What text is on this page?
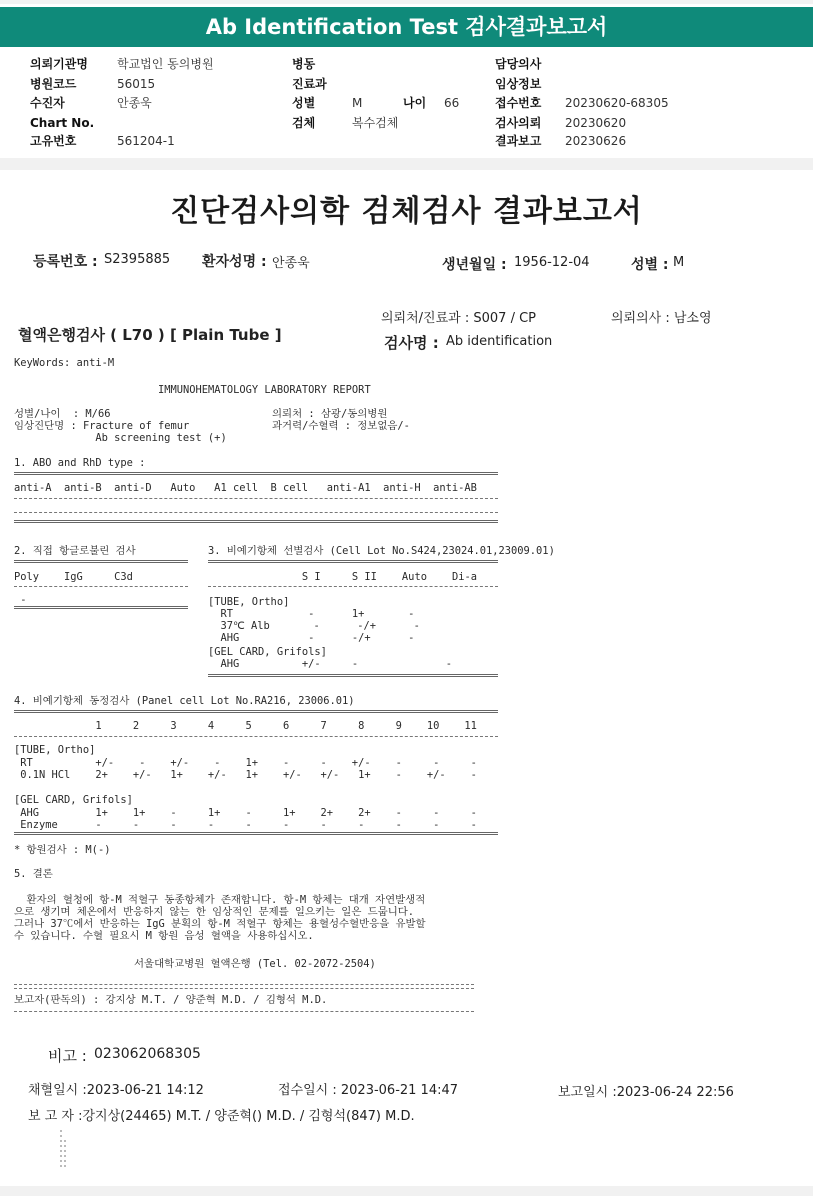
Ab Identification Test 검사결과보고서
의뢰기관명 학교법인 동의병원
병원코드	56015
수진자	안종욱
Chart No.
고유번호	561204-1
병동
진료과
성별	M	나이 66
검체	복수검체
담당의사
임상정보
접수번호 20230620-68305
검사의뢰 20230620
결과보고 20230626
진단검사의학 검체검사 결과보고서
등록번호 : S2395885 환자성명 : 안종욱	생년월일 : 1956-12-04	성별 : M
의뢰처/진료과 : S007 / CP	의뢰의사 : 남소영
혈액은행검사 ( L70 ) [ Plain Tube ]	검사명 : Ab identification
KeyWords: anti-M
IMMUNOHEMATOLOGY LABORATORY REPORT
성별/나이  : M/66	의뢰처 : 삼광/동의병원
임상진단명 : Fracture of femur	과거력/수혈력 : 정보없음/-
Ab screening test (+)
1. ABO and RhD type :
anti-A  anti-B  anti-D   Auto   A1 cell  B cell   anti-A1  anti-H  anti-AB
2. 직접 항글로불린 검사	3. 비예기항체 선별검사 (Cell Lot No.S424,23024.01,23009.01)
Poly    IgG     C3d	S I     S II    Auto    Di-a
-	[TUBE, Ortho]
RT            -      1+       -
37℃ Alb       -      -/+      -
AHG           -      -/+      -
[GEL CARD, Grifols]
AHG          +/-     -              -
4. 비예기항체 동정검사 (Panel cell Lot No.RA216, 23006.01)
1     2     3     4     5     6     7     8     9    10    11
[TUBE, Ortho]
RT          +/-    -    +/-    -    1+    -     -    +/-    -     -     -
0.1N HCl    2+    +/-   1+    +/-   1+    +/-   +/-   1+    -    +/-    -
[GEL CARD, Grifols]
AHG         1+    1+    -     1+    -     1+    2+    2+    -     -     -
Enzyme      -     -     -     -     -     -     -     -     -     -     -
* 항원검사 : M(-)
5. 결론
환자의 혈청에 항-M 적혈구 동종항체가 존재합니다. 항-M 항체는 대개 자연발생적
으로 생기며 체온에서 반응하지 않는 한 임상적인 문제를 일으키는 일은 드뭅니다.
그러나 37℃에서 반응하는 IgG 분획의 항-M 적혈구 항체는 용혈성수혈반응을 유발할
수 있습니다. 수혈 필요시 M 항원 음성 혈액을 사용하십시오.
서울대학교병원 혈액은행 (Tel. 02-2072-2504)
보고자(판독의) : 강지상 M.T. / 양준혁 M.D. / 김형석 M.D.
비고 : 023062068305
채혈일시 :2023-06-21 14:12	접수일시 : 2023-06-21 14:47	보고일시 :2023-06-24 22:56
보 고 자 :강지상(24465) M.T. / 양준혁() M.D. / 김형석(847) M.D.
